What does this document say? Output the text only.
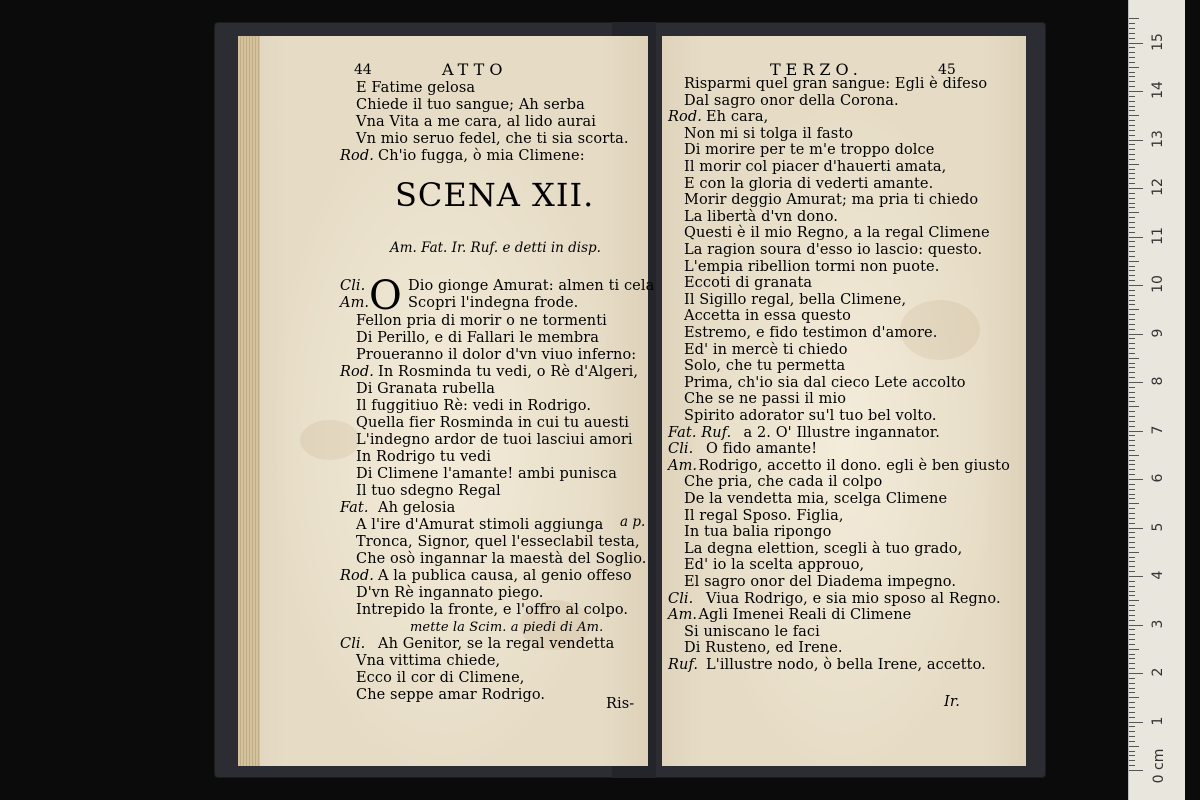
44	ATTO
E Fatime gelosa
Chiede il tuo sangue; Ah serba
Vna Vita a me cara, al lido aurai
Vn mio seruo fedel, che ti sia scorta.
Rod. Ch'io fugga, ò mia Climene:
SCENA XII.
Am. Fat. Ir. Ruf. e detti in disp.
O
Cli.	Dio gionge Amurat: almen ti cela
Am.	Scopri l'indegna frode.
Fellon pria di morir o ne tormenti
Di Perillo, e di Fallari le membra
Proueranno il dolor d'vn viuo inferno:
Rod. In Rosminda tu vedi, o Rè d'Algeri,
Di Granata rubella
Il fuggitiuo Rè: vedi in Rodrigo.
Quella fier Rosminda in cui tu auesti
L'indegno ardor de tuoi lasciui amori
In Rodrigo tu vedi
Di Climene l'amante! ambi punisca
Il tuo sdegno Regal
Fat. Ah gelosia
A l'ire d'Amurat stimoli aggiunga
Tronca, Signor, quel l'esseclabil testa,
Che osò ingannar la maestà del Soglio.
Rod. A la publica causa, al genio offeso
D'vn Rè ingannato piego.
Intrepido la fronte, e l'offro al colpo.
mette la Scim. a piedi di Am.
Cli. Ah Genitor, se la regal vendetta
Vna vittima chiede,
Ecco il cor di Climene,
Che seppe amar Rodrigo.
a p.
Ris-
TERZO.	45
Risparmi quel gran sangue: Egli è difeso
Dal sagro onor della Corona.
Rod. Eh cara,
Non mi si tolga il fasto
Di morire per te m'e troppo dolce
Il morir col piacer d'hauerti amata,
E con la gloria di vederti amante.
Morir deggio Amurat; ma pria ti chiedo
La libertà d'vn dono.
Questi è il mio Regno, a la regal Climene
La ragion soura d'esso io lascio: questo.
L'empia ribellion tormi non puote.
Eccoti di granata
Il Sigillo regal, bella Climene,
Accetta in essa questo
Estremo, e fido testimon d'amore.
Ed' in mercè ti chiedo
Solo, che tu permetta
Prima, ch'io sia dal cieco Lete accolto
Che se ne passi il mio
Spirito adorator su'l tuo bel volto.
Fat. Ruf. a 2. O' Illustre ingannator.
Cli. O fido amante!
Am. Rodrigo, accetto il dono. egli è ben giusto
Che pria, che cada il colpo
De la vendetta mia, scelga Climene
Il regal Sposo. Figlia,
In tua balia ripongo
La degna elettion, scegli à tuo grado,
Ed' io la scelta approuo,
El sagro onor del Diadema impegno.
Cli. Viua Rodrigo, e sia mio sposo al Regno.
Am. Agli Imenei Reali di Climene
Si uniscano le faci
Di Rusteno, ed Irene.
Ruf. L'illustre nodo, ò bella Irene, accetto.
Ir.
0 cm
1
2
3
4
5
6
7
8
9
10
11
12
13
14
15
